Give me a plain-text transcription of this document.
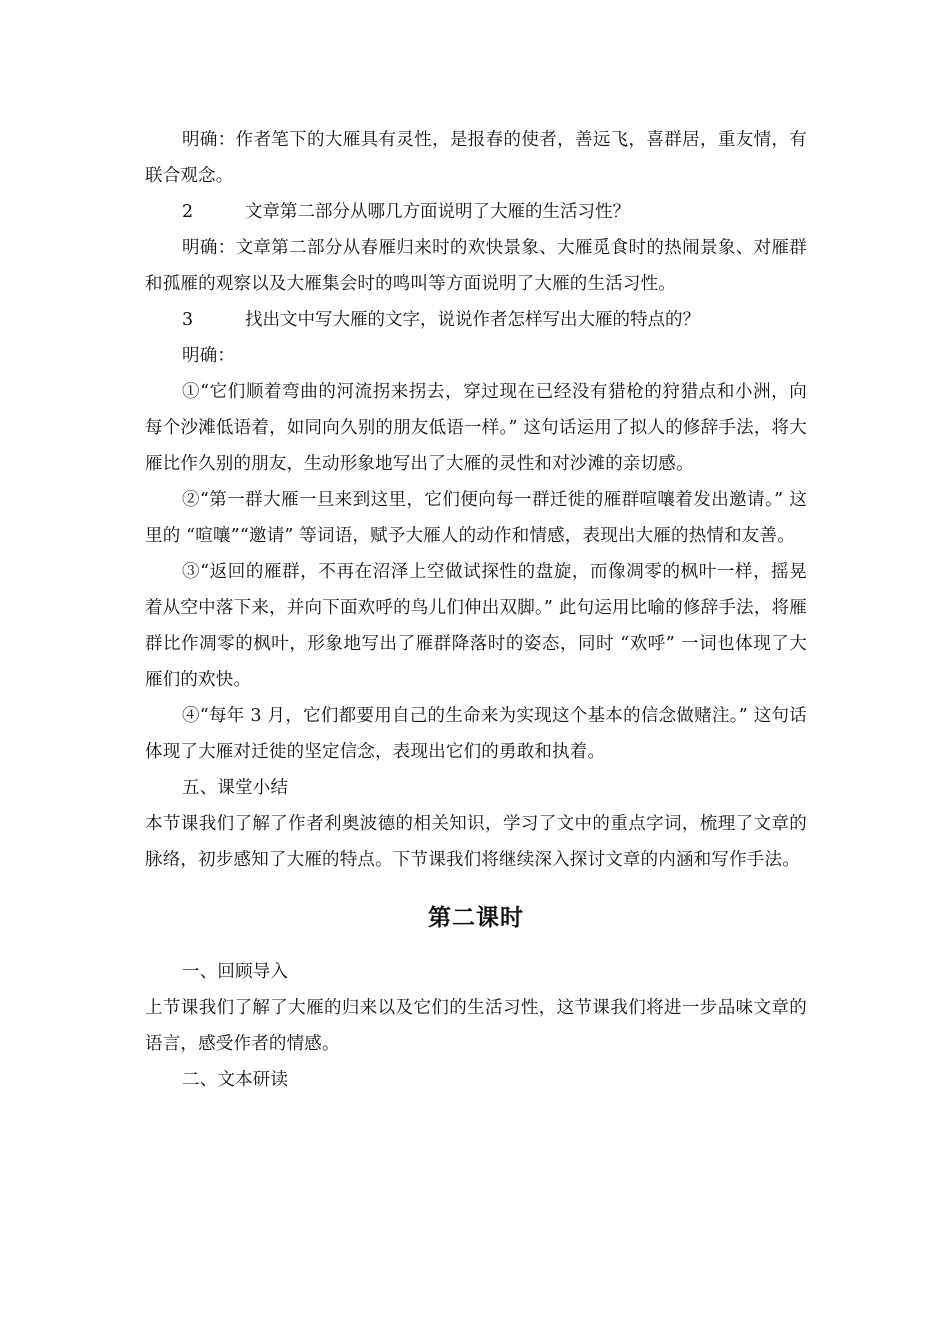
明确：作者笔下的大雁具有灵性，是报春的使者，善远飞，喜群居，重友情，有联合观念。

2	文章第二部分从哪几方面说明了大雁的生活习性？

明确：文章第二部分从春雁归来时的欢快景象、大雁觅食时的热闹景象、对雁群和孤雁的观察以及大雁集会时的鸣叫等方面说明了大雁的生活习性。

3	找出文中写大雁的文字，说说作者怎样写出大雁的特点的？

明确：

①“它们顺着弯曲的河流拐来拐去，穿过现在已经没有猎枪的狩猎点和小洲，向每个沙滩低语着，如同向久别的朋友低语一样。” 这句话运用了拟人的修辞手法，将大雁比作久别的朋友，生动形象地写出了大雁的灵性和对沙滩的亲切感。

②“第一群大雁一旦来到这里，它们便向每一群迁徙的雁群喧嚷着发出邀请。” 这里的 “喧嚷”“邀请” 等词语，赋予大雁人的动作和情感，表现出大雁的热情和友善。

③“返回的雁群，不再在沼泽上空做试探性的盘旋，而像凋零的枫叶一样，摇晃着从空中落下来，并向下面欢呼的鸟儿们伸出双脚。” 此句运用比喻的修辞手法，将雁群比作凋零的枫叶，形象地写出了雁群降落时的姿态，同时 “欢呼” 一词也体现了大雁们的欢快。

④“每年 3 月，它们都要用自己的生命来为实现这个基本的信念做赌注。” 这句话体现了大雁对迁徙的坚定信念，表现出它们的勇敢和执着。

五、课堂小结

本节课我们了解了作者利奥波德的相关知识，学习了文中的重点字词，梳理了文章的脉络，初步感知了大雁的特点。下节课我们将继续深入探讨文章的内涵和写作手法。

第二课时

一、回顾导入

上节课我们了解了大雁的归来以及它们的生活习性，这节课我们将进一步品味文章的语言，感受作者的情感。

二、文本研读
